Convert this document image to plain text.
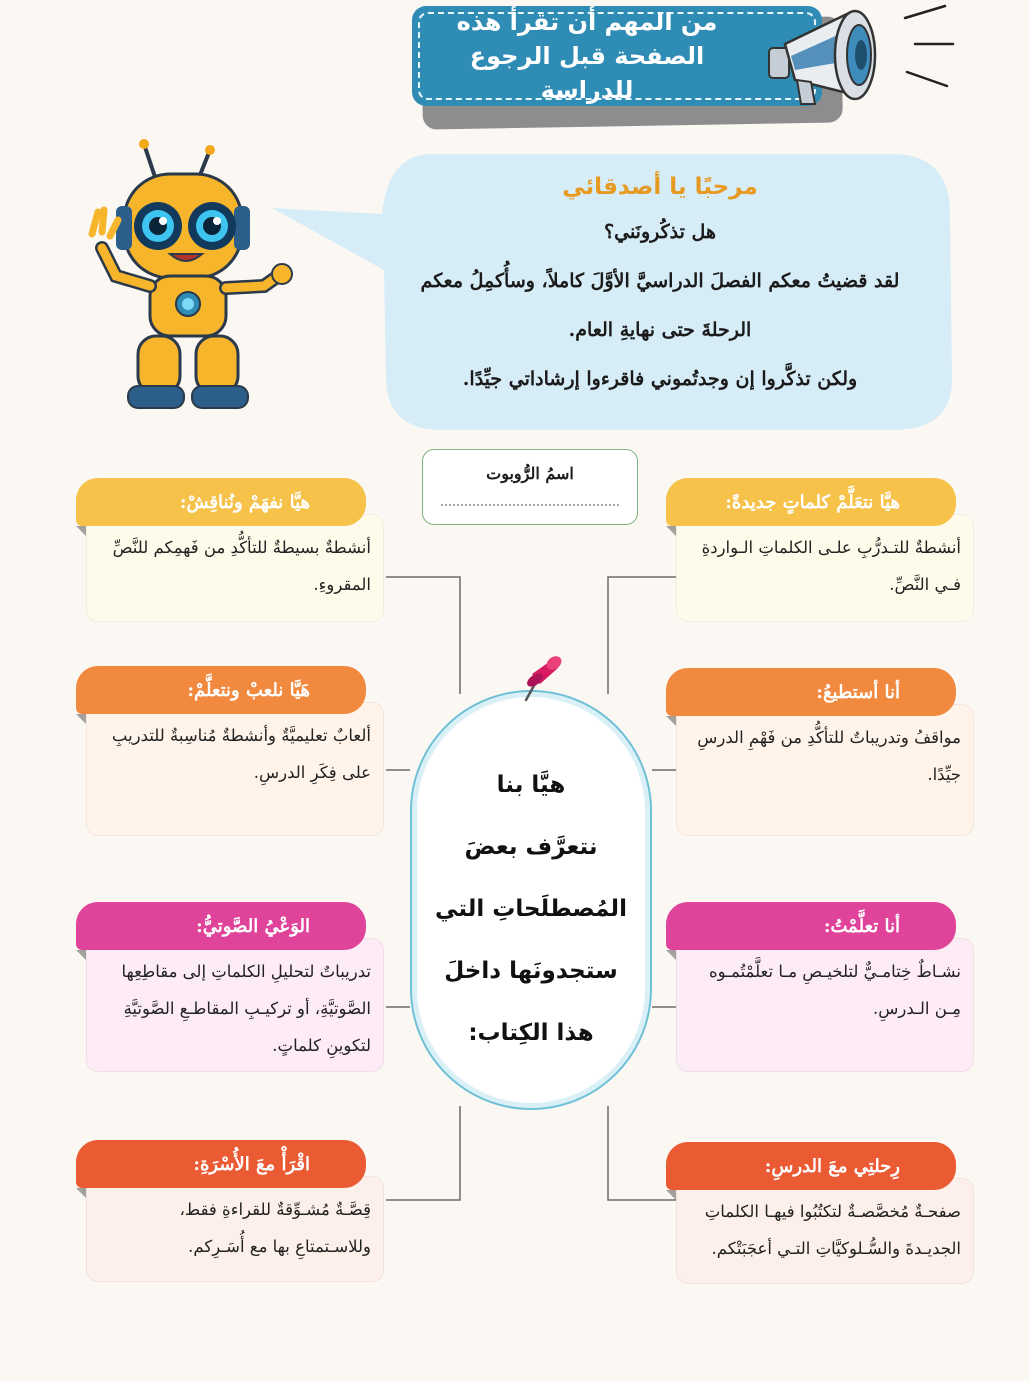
من المهم أن تقرأ هذه
الصفحة قبل الرجوع للدراسة
مرحبًا يا أصدقائي
هل تذكُرونَني؟
لقد قضيتُ معكم الفصلَ الدراسيَّ الأوَّلَ كاملاً، وسأُكمِلُ معكم
الرحلةَ حتى نهايةِ العام.
ولكن تذكَّروا إن وجدتُموني فاقرءوا إرشاداتي جيِّدًا.
اسمُ الرُّوبوت
هيَّا بنا
نتعرَّف بعضَ
المُصطلَحاتِ التي
ستجدونَها داخلَ
هذا الكِتاب:
أنشطةٌ للتـدرُّبِ علـى الكلماتِ الـواردةِ فـي النَّصِّ.
هيَّا نتعَلَّمْ كلماتٍ جديدةً:
مواقفُ وتدريباتٌ للتأكُّدِ من فَهْمِ الدرسِ جيِّدًا.
أنا أستطيعُ:
نشـاطٌ خِتامـيٌّ لتلخيـصِ مـا تعلَّمْتُمـوه مِـن الـدرسِ.
أنا تعلَّمْتُ:
صفحـةٌ مُخصَّصـةٌ لتكتُبُوا فيهـا الكلماتِ الجديـدةَ والسُّـلوكيَّاتِ التـي أعجَبَتْكم.
رِحلتِي معَ الدرسِ:
أنشطةٌ بسيطةٌ للتأكُّدِ من فَهمِكم للنَّصِّ المقروءِ.
هيَّا نفهَمْ ونُناقِشْ:
ألعابٌ تعليميَّةٌ وأنشطةٌ مُناسِبةٌ للتدريبِ على فِكَرِ الدرسِ.
هَيَّا نلعبْ ونتعلَّمْ:
تدريباتٌ لتحليلِ الكلماتِ إلى مقاطِعِها الصَّوتيَّةِ، أو تركيـبِ المقاطـعِ الصَّوتيَّةِ لتكوينِ كلماتٍ.
الوَعْيُ الصَّوتيُّ:
قِصَّـةٌ مُشـوِّقةٌ للقراءةِ فقط، وللاسـتمتاعِ بها مع أُسَـرِكم.
اقْرَأْ معَ الأُسْرَةِ:
